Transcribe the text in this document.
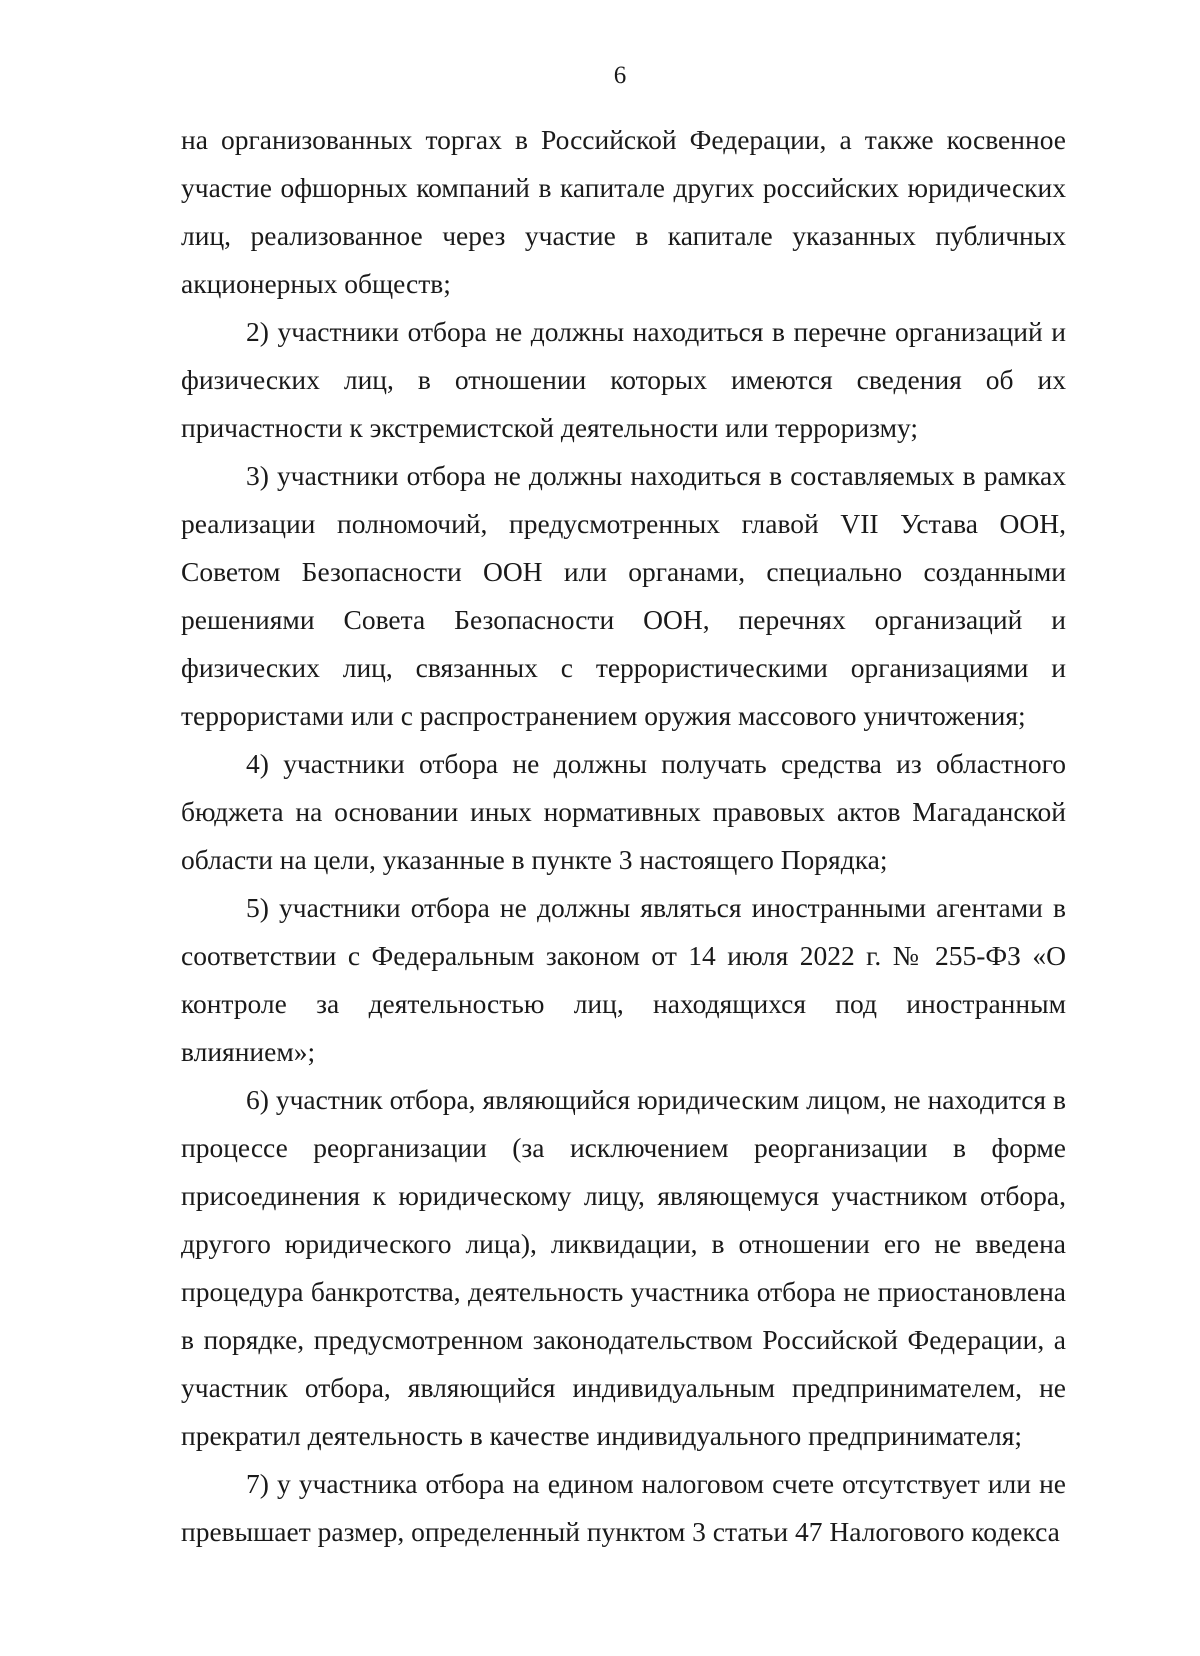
6

на организованных торгах в Российской Федерации, а также косвенное участие офшорных компаний в капитале других российских юридических лиц, реализованное через участие в капитале указанных публичных акционерных обществ;

2) участники отбора не должны находиться в перечне организаций и физических лиц, в отношении которых имеются сведения об их причастности к экстремистской деятельности или терроризму;

3) участники отбора не должны находиться в составляемых в рамках реализации полномочий, предусмотренных главой VII Устава ООН, Советом Безопасности ООН или органами, специально созданными решениями Совета Безопасности ООН, перечнях организаций и физических лиц, связанных с террористическими организациями и террористами или с распространением оружия массового уничтожения;

4) участники отбора не должны получать средства из областного бюджета на основании иных нормативных правовых актов Магаданской области на цели, указанные в пункте 3 настоящего Порядка;

5) участники отбора не должны являться иностранными агентами в соответствии с Федеральным законом от 14 июля 2022 г. № 255-ФЗ «О контроле за деятельностью лиц, находящихся под иностранным влиянием»;

6) участник отбора, являющийся юридическим лицом, не находится в процессе реорганизации (за исключением реорганизации в форме присоединения к юридическому лицу, являющемуся участником отбора, другого юридического лица), ликвидации, в отношении его не введена процедура банкротства, деятельность участника отбора не приостановлена в порядке, предусмотренном законодательством Российской Федерации, а участник отбора, являющийся индивидуальным предпринимателем, не прекратил деятельность в качестве индивидуального предпринимателя;

7) у участника отбора на едином налоговом счете отсутствует или не превышает размер, определенный пунктом 3 статьи 47 Налогового кодекса
